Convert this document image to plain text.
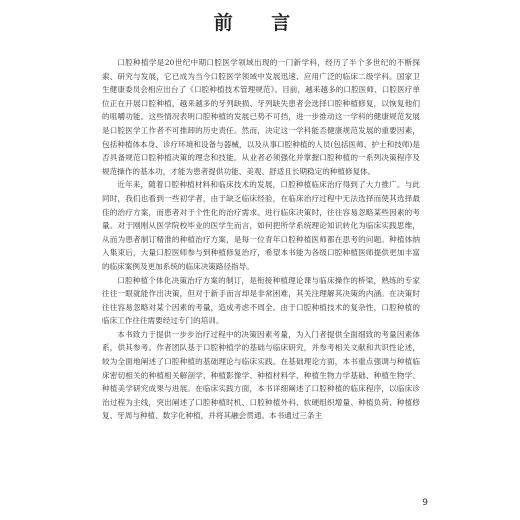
前 言

口腔种植学是20世纪中期口腔医学领域出现的一门新学科，经历了半个多世纪的不断探索、研究与发展，它已成为当今口腔医学领域中发展迅速、应用广泛的临床二级学科。国家卫生健康委员会相应出台了《口腔种植技术管理规范》。目前，越来越多的口腔医师、口腔医疗单位正在开展口腔种植，越来越多的牙列缺损、牙列缺失患者会选择口腔种植修复，以恢复他们的咀嚼功能。这些情况表明口腔种植的发展已势不可挡，进一步推动这一学科的健康规范发展是口腔医学工作者不可推卸的历史责任。然而，决定这一学科能否健康规范发展的重要因素，包括种植体本身、诊疗环境和设备与器械，以及从事口腔种植的人员(包括医师、护士和技师)是否具备规范口腔种植决策的理念和技能。从业者必须强化并掌握口腔种植的一系列决策程序及规范操作的基本功，才能为患者提供功能、美观、舒适且长期稳定的种植修复体。

近年来，随着口腔种植材料和临床技术的发展，口腔种植临床治疗得到了大力推广。与此同时，我们也看到一些初学者，由于缺乏临床经验，在临床治疗过程中无法选择而使其选择最佳的治疗方案，而患者对于个性化的治疗需求。进行临床决策时，往往容易忽略某些因素的考量。对于刚刚从医学院校毕业的医学生而言，如何把所学系统理论知识转化为临床实践思维，从而为患者制订精准的种植治疗方案，是每一位青年口腔种植医师都在思考的问题。种植体纳入集束后，大量口腔医师参与到种植修复治疗，希望本书能为各级口腔种植医师提供更加丰富的临床案例及更加系统的临床决策路径指导。

口腔种植个体化决策治疗方案的制订，是衔接种植理论课与临床操作的桥梁，熟练的专家往往一眼就能作出决策，但对于新手而言却是非常困难，其关注理解其决策的内涵。在决策时往往容易忽略对某个因素的考量，造成考虑不周全。由于口腔种植技术的复杂性，口腔种植的临床工作往往需要经过专门的培训。

本书致力于提供一步步治疗过程中的决策因素考量，为入门者提供全面细致的考量因素体系，供其参考。作者团队基于口腔种植学的基础与临床研究，并参考相关文献和共识性论述，较为全面地阐述了口腔种植的基础理论与临床实践。在基础理论方面，本书重点强调与种植临床密切相关的种植相关解剖学、种植影像学、种植材料学、种植生物力学基础、种植生物学、种植美学研究成果与进展。在临床实践方面，本书详细阐述了口腔种植的临床程序，以临床诊治过程为主线，突出阐述了口腔种植时机、口腔种植外科、软硬组织增量、种植负荷、种植修复、牙周与种植、数字化种植，并将其融会贯通。本书通过三条主

9
